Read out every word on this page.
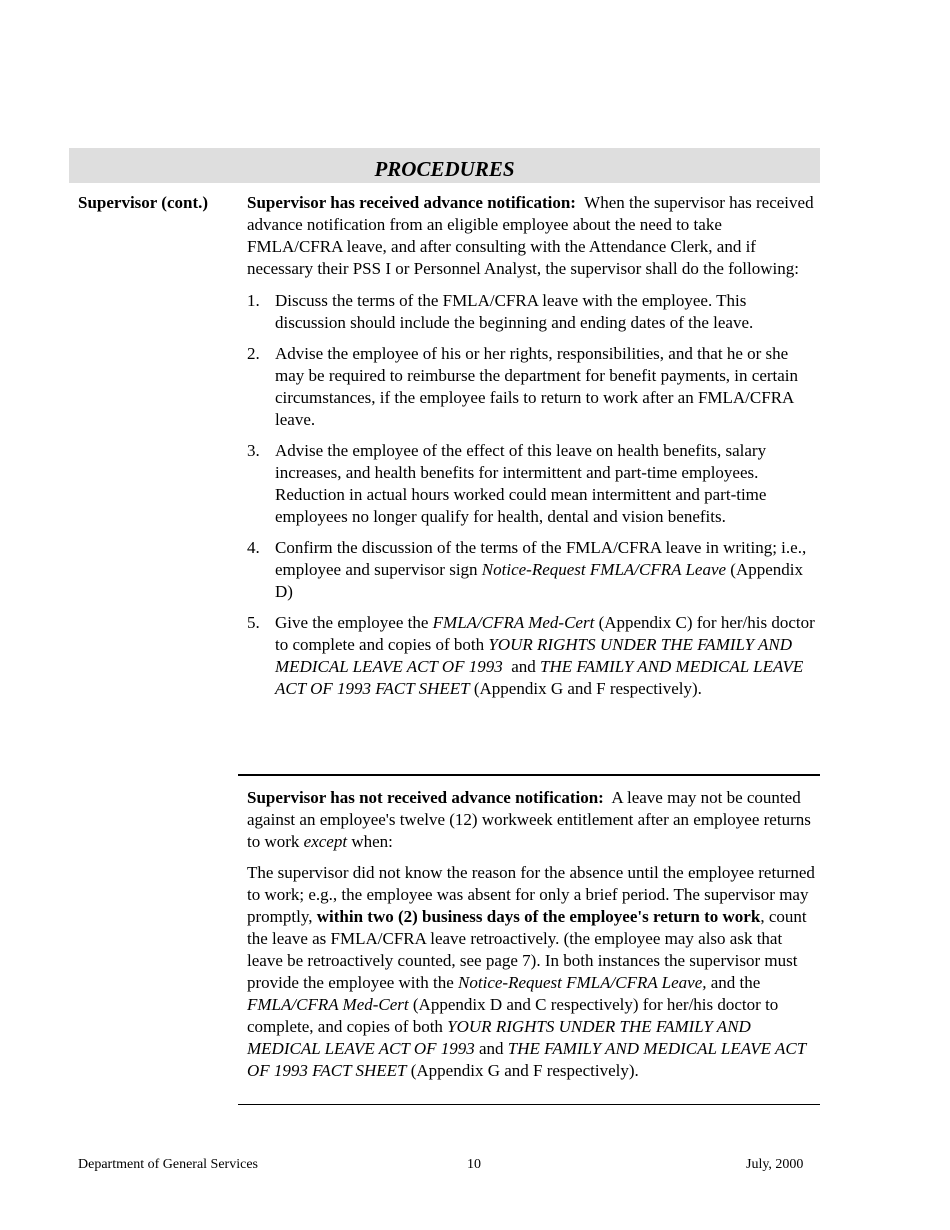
PROCEDURES
Supervisor (cont.) Supervisor has received advance notification: When the supervisor has received advance notification from an eligible employee about the need to take FMLA/CFRA leave, and after consulting with the Attendance Clerk, and if necessary their PSS I or Personnel Analyst, the supervisor shall do the following:

1. Discuss the terms of the FMLA/CFRA leave with the employee. This discussion should include the beginning and ending dates of the leave.
2. Advise the employee of his or her rights, responsibilities, and that he or she may be required to reimburse the department for benefit payments, in certain circumstances, if the employee fails to return to work after an FMLA/CFRA leave.
3. Advise the employee of the effect of this leave on health benefits, salary increases, and health benefits for intermittent and part-time employees. Reduction in actual hours worked could mean intermittent and part-time employees no longer qualify for health, dental and vision benefits.
4. Confirm the discussion of the terms of the FMLA/CFRA leave in writing; i.e., employee and supervisor sign Notice-Request FMLA/CFRA Leave (Appendix D)
5. Give the employee the FMLA/CFRA Med-Cert (Appendix C) for her/his doctor to complete and copies of both YOUR RIGHTS UNDER THE FAMILY AND MEDICAL LEAVE ACT OF 1993  and THE FAMILY AND MEDICAL LEAVE ACT OF 1993 FACT SHEET (Appendix G and F respectively).

Supervisor has not received advance notification: A leave may not be counted against an employee's twelve (12) workweek entitlement after an employee returns to work except when:

The supervisor did not know the reason for the absence until the employee returned to work; e.g., the employee was absent for only a brief period. The supervisor may promptly, within two (2) business days of the employee's return to work, count the leave as FMLA/CFRA leave retroactively. (the employee may also ask that leave be retroactively counted, see page 7). In both instances the supervisor must provide the employee with the Notice-Request FMLA/CFRA Leave, and the FMLA/CFRA Med-Cert (Appendix D and C respectively) for her/his doctor to complete, and copies of both YOUR RIGHTS UNDER THE FAMILY AND MEDICAL LEAVE ACT OF 1993 and THE FAMILY AND MEDICAL LEAVE ACT OF 1993 FACT SHEET (Appendix G and F respectively).

Department of General Services	10	July, 2000
